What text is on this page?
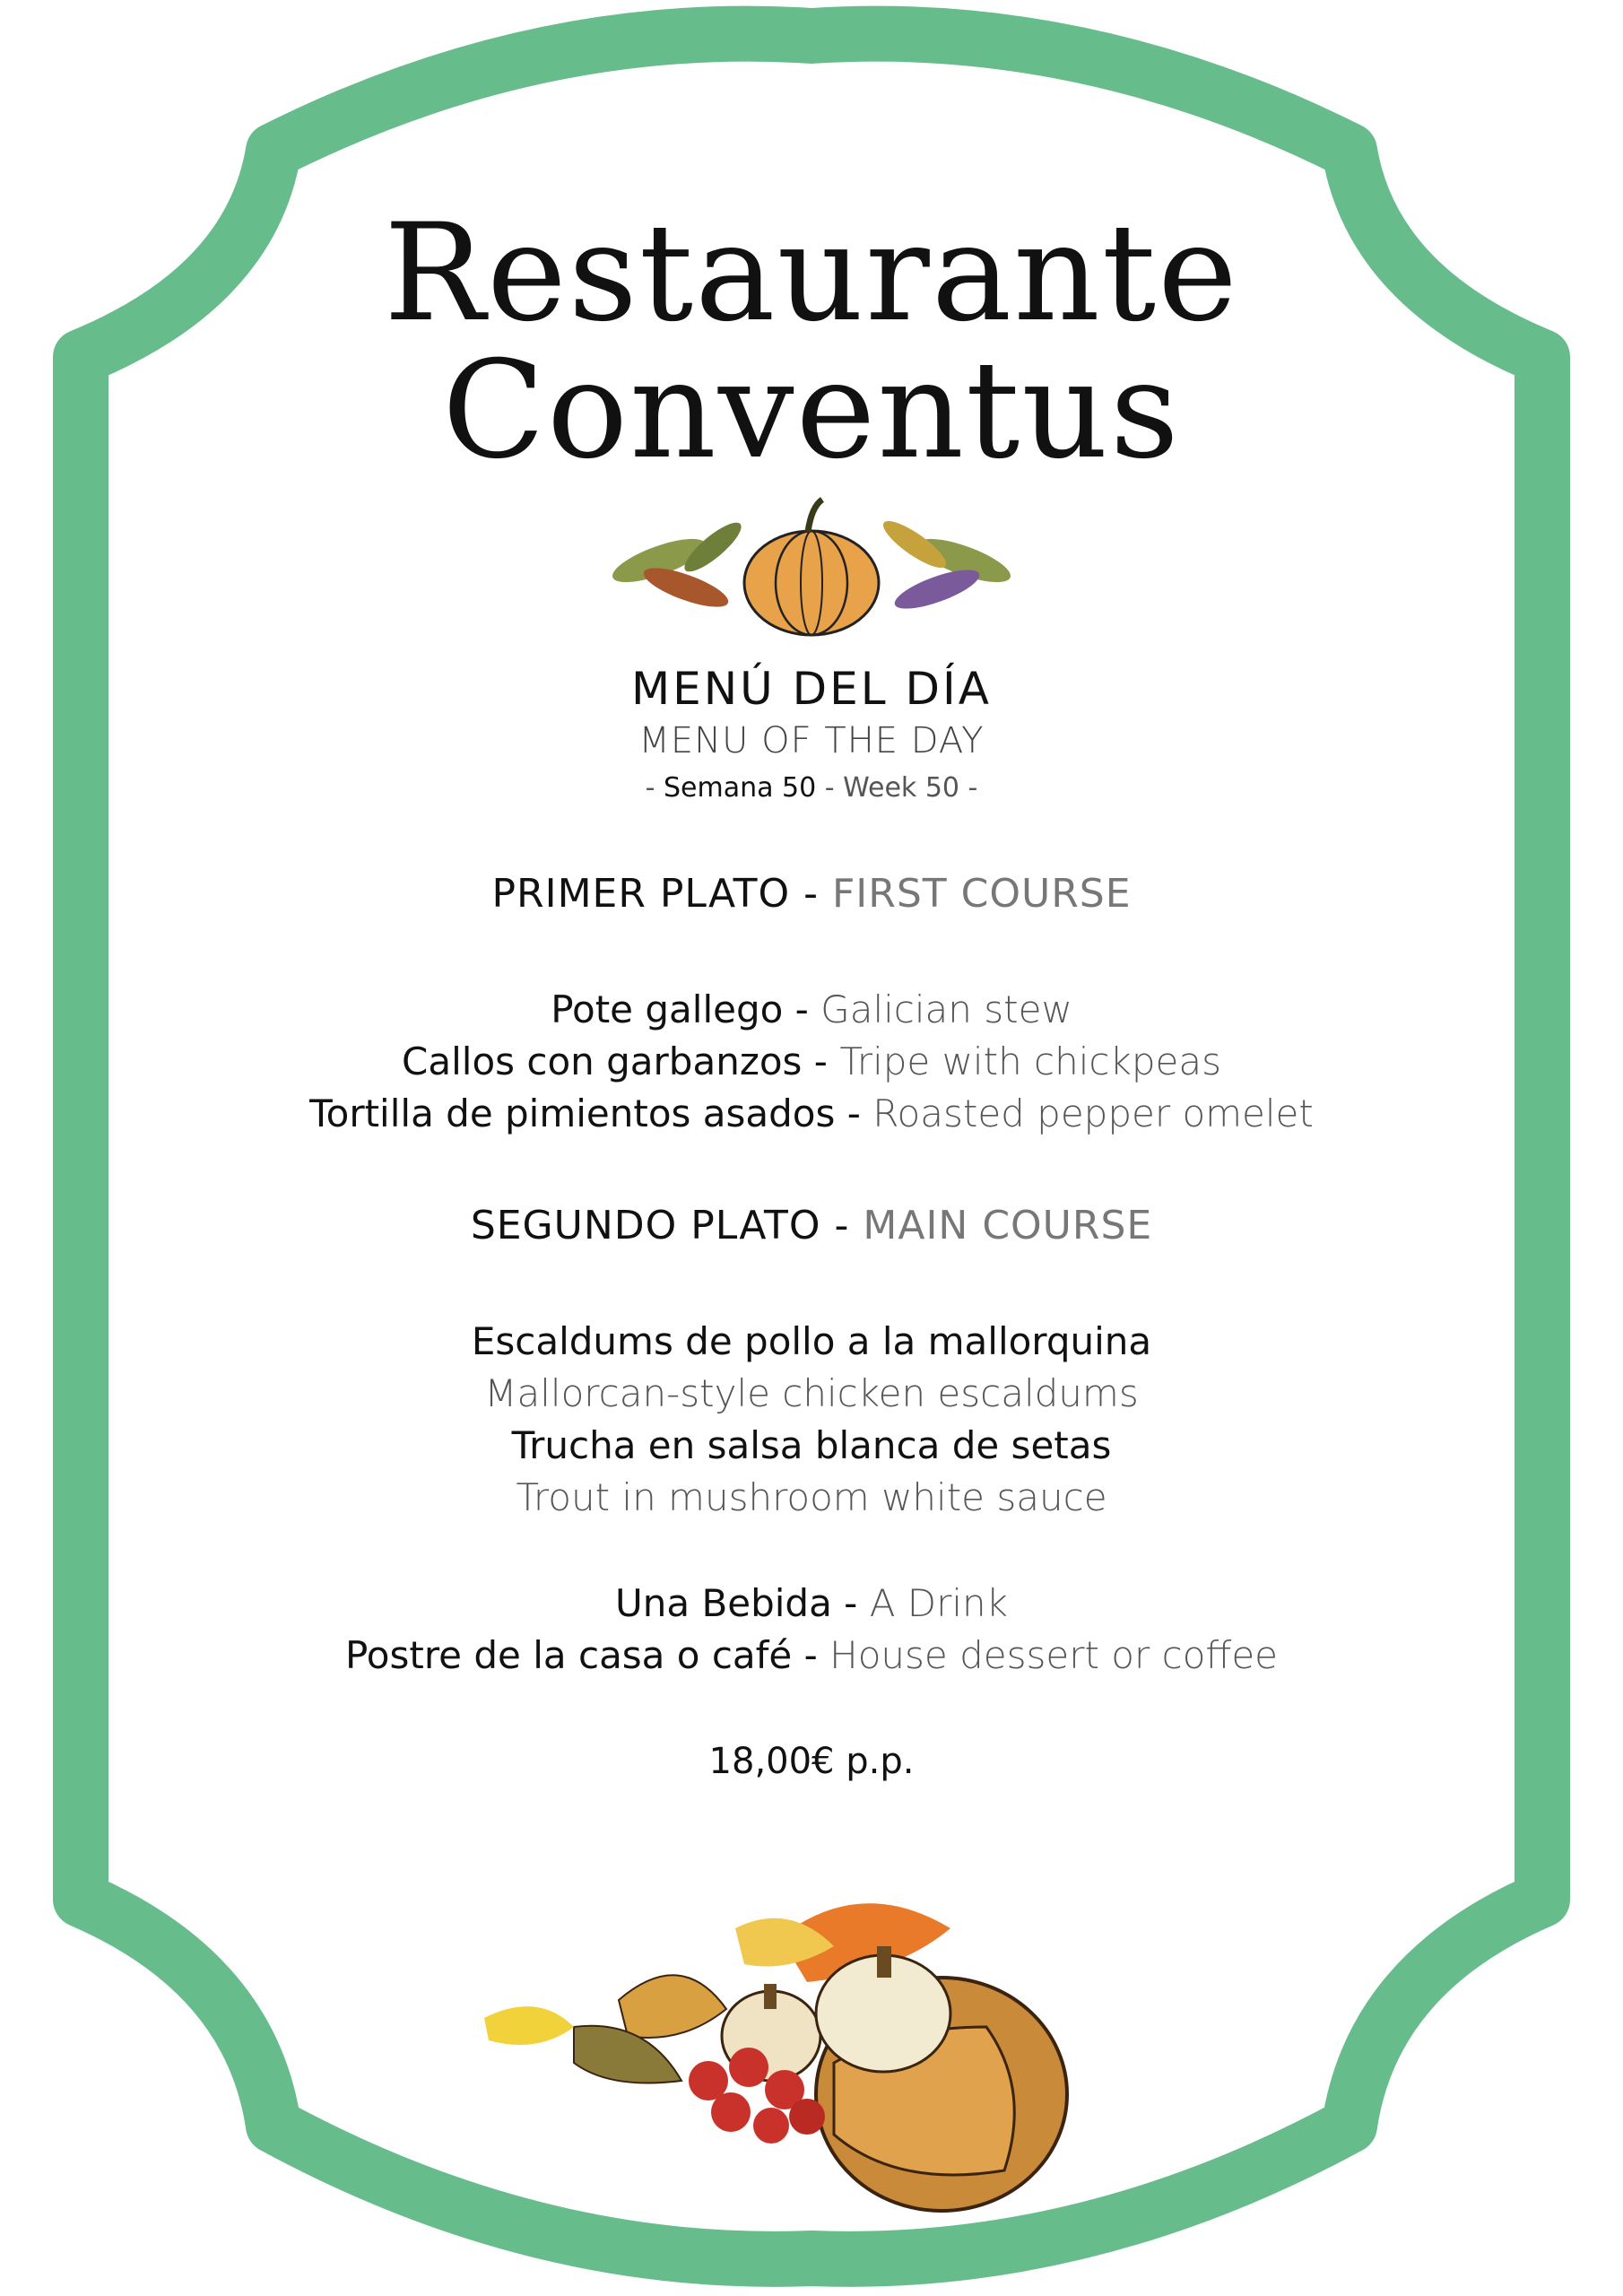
Restaurante
Conventus
MENÚ DEL DÍA
MENU OF THE DAY
- Semana 50 - Week 50 -
PRIMER PLATO - FIRST COURSE
Pote gallego - Galician stew
Callos con garbanzos - Tripe with chickpeas
Tortilla de pimientos asados - Roasted pepper omelet
SEGUNDO PLATO - MAIN COURSE
Escaldums de pollo a la mallorquina
Mallorcan-style chicken escaldums
Trucha en salsa blanca de setas
Trout in mushroom white sauce
Una Bebida - A Drink
Postre de la casa o café - House dessert or coffee
18,00€ p.p.
